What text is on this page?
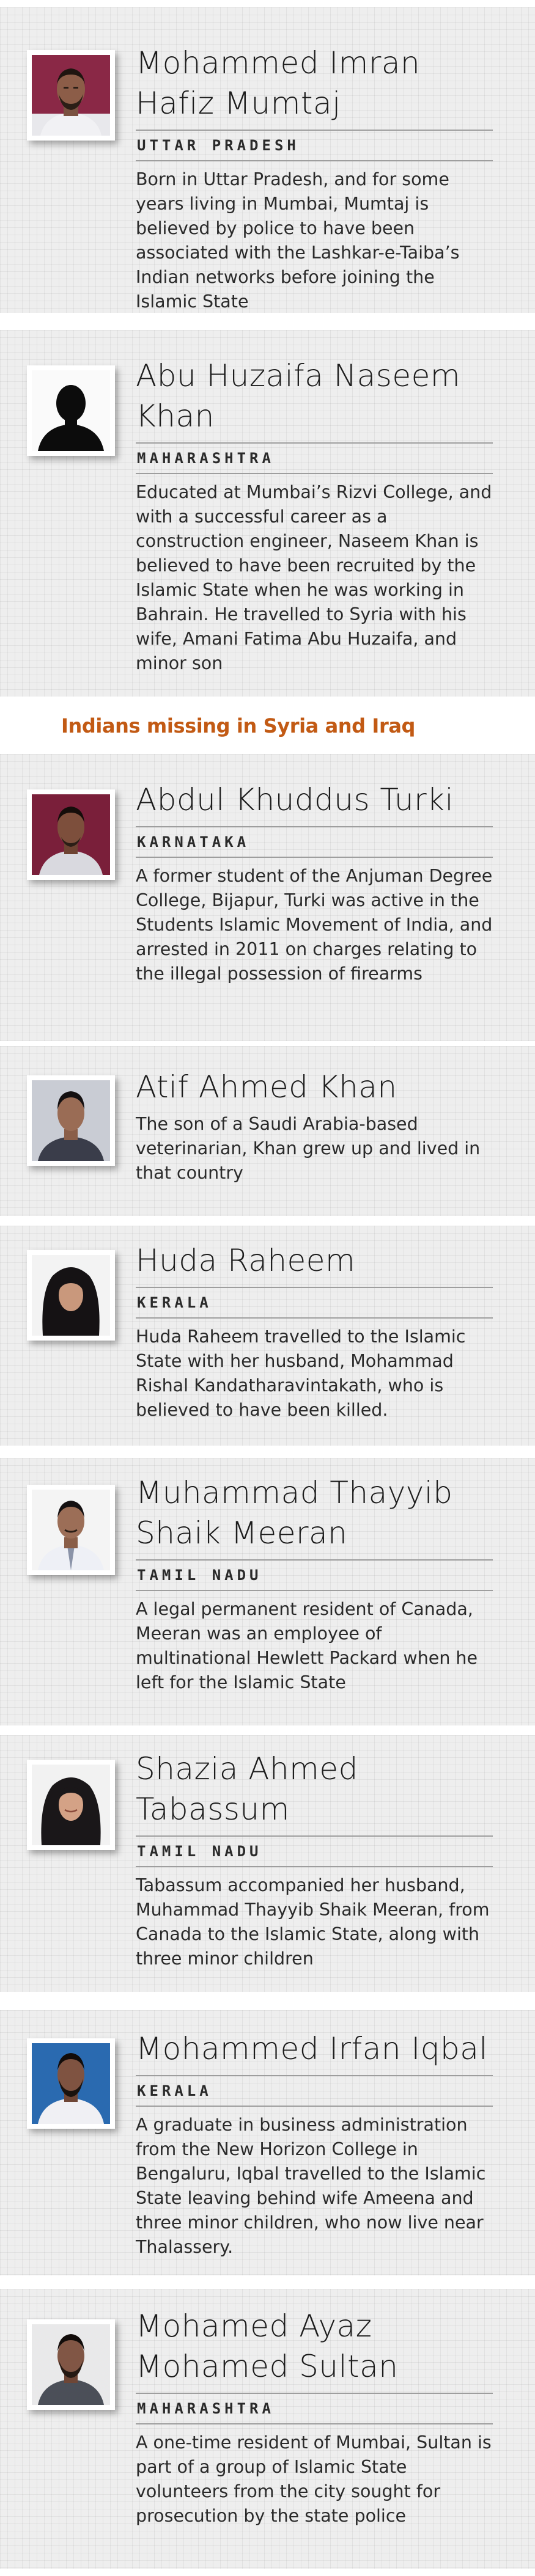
Mohammed Imran Hafiz Mumtaj
UTTAR PRADESH
Born in Uttar Pradesh, and for some years living in Mumbai, Mumtaj is believed by police to have been associated with the Lashkar-e-Taiba’s Indian networks before joining the Islamic State
Abu Huzaifa Naseem Khan
MAHARASHTRA
Educated at Mumbai’s Rizvi College, and with a successful career as a construction engineer, Naseem Khan is believed to have been recruited by the Islamic State when he was working in Bahrain. He travelled to Syria with his wife, Amani Fatima Abu Huzaifa, and minor son
Indians missing in Syria and Iraq
Abdul Khuddus Turki
KARNATAKA
A former student of the Anjuman Degree College, Bijapur, Turki was active in the Students Islamic Movement of India, and arrested in 2011 on charges relating to the illegal possession of firearms
Atif Ahmed Khan
The son of a Saudi Arabia-based veterinarian, Khan grew up and lived in that country
Huda Raheem
KERALA
Huda Raheem travelled to the Islamic State with her husband, Mohammad Rishal Kandatharavintakath, who is believed to have been killed.
Muhammad Thayyib Shaik Meeran
TAMIL NADU
A legal permanent resident of Canada, Meeran was an employee of multinational Hewlett Packard when he left for the Islamic State
Shazia Ahmed Tabassum
TAMIL NADU
Tabassum accompanied her husband, Muhammad Thayyib Shaik Meeran, from Canada to the Islamic State, along with three minor children
Mohammed Irfan Iqbal
KERALA
A graduate in business administration from the New Horizon College in Bengaluru, Iqbal travelled to the Islamic State leaving behind wife Ameena and three minor children, who now live near Thalassery.
Mohamed Ayaz Mohamed Sultan
MAHARASHTRA
A one-time resident of Mumbai, Sultan is part of a group of Islamic State volunteers from the city sought for prosecution by the state police
